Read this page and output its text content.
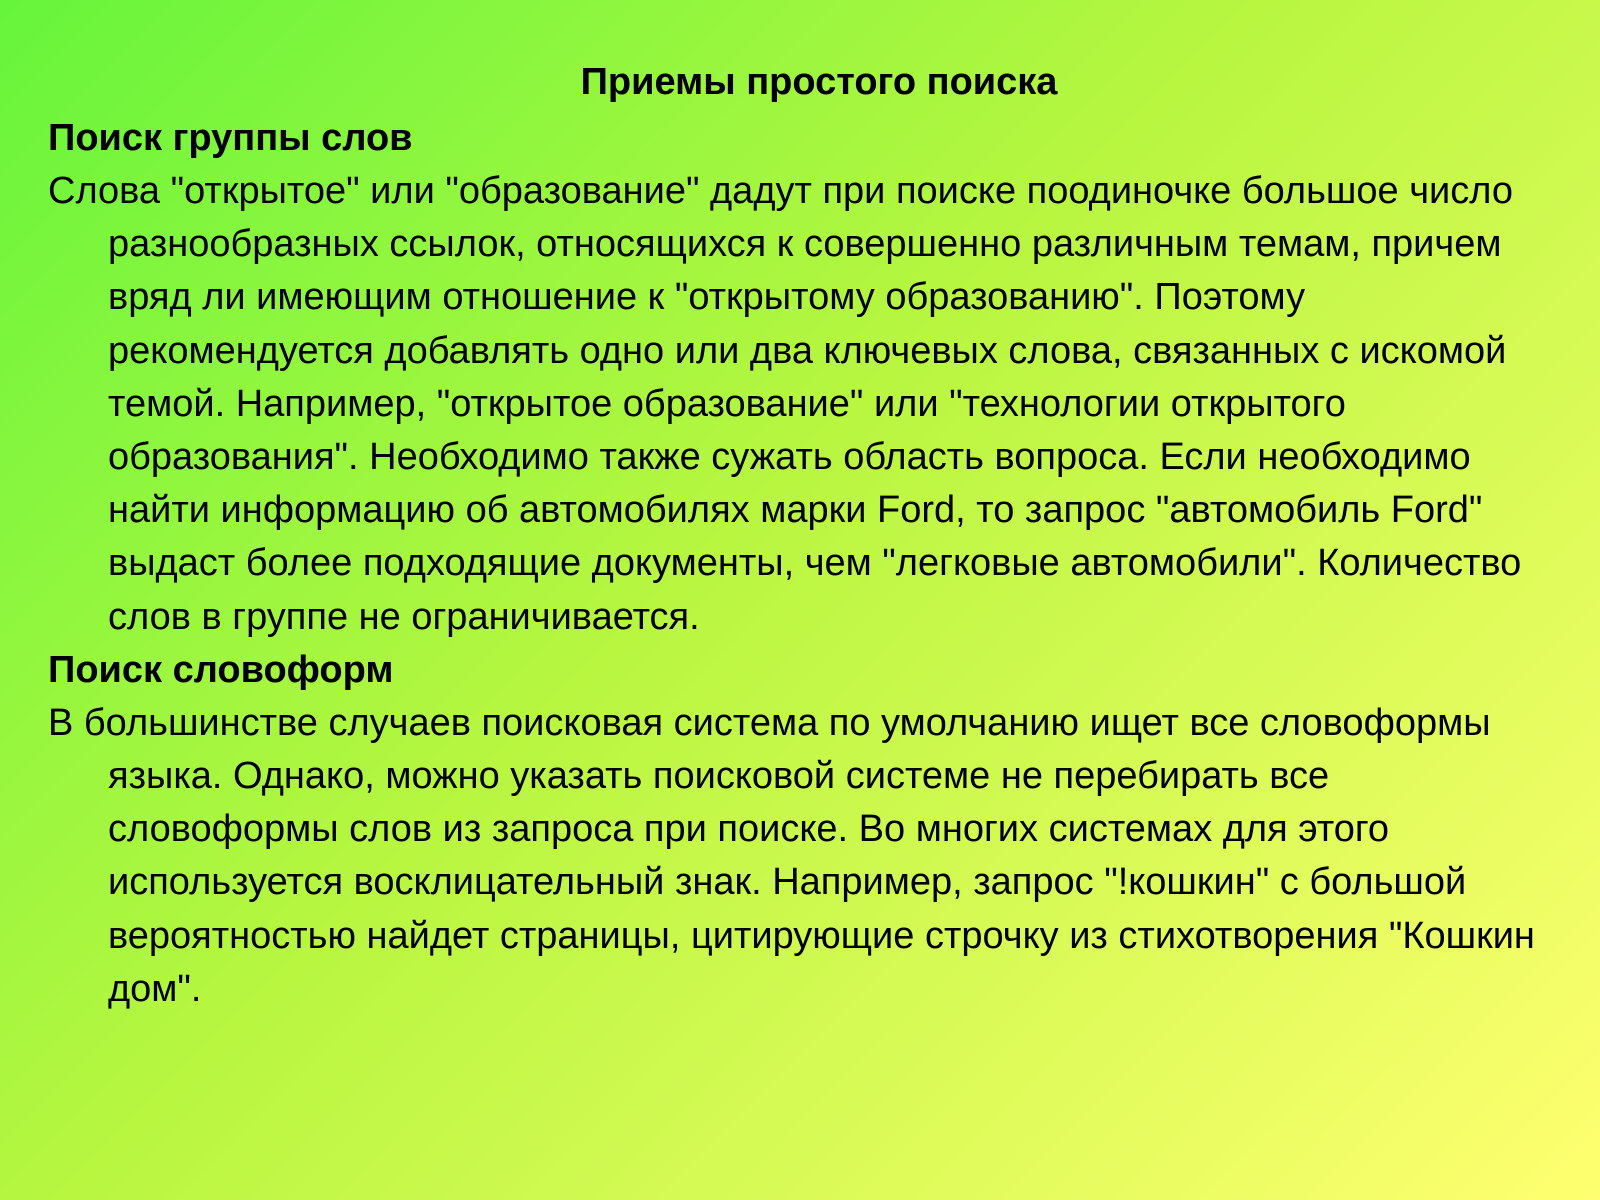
Приемы простого поиска
Поиск группы слов

Слова "открытое" или "образование" дадут при поиске поодиночке большое число разнообразных ссылок, относящихся к совершенно различным темам, причем вряд ли имеющим отношение к "открытому образованию". Поэтому рекомендуется добавлять одно или два ключевых слова, связанных с искомой темой. Например, "открытое образование" или "технологии открытого образования". Необходимо также сужать область вопроса. Если необходимо найти информацию об автомобилях марки Ford, то запрос "автомобиль Ford" выдаст более подходящие документы, чем "легковые автомобили". Количество слов в группе не ограничивается.

Поиск словоформ

В большинстве случаев поисковая система по умолчанию ищет все словоформы языка. Однако, можно указать поисковой системе не перебирать все словоформы слов из запроса при поиске. Во многих системах для этого используется восклицательный знак. Например, запрос "!кошкин" с большой вероятностью найдет страницы, цитирующие строчку из стихотворения "Кошкин дом".
